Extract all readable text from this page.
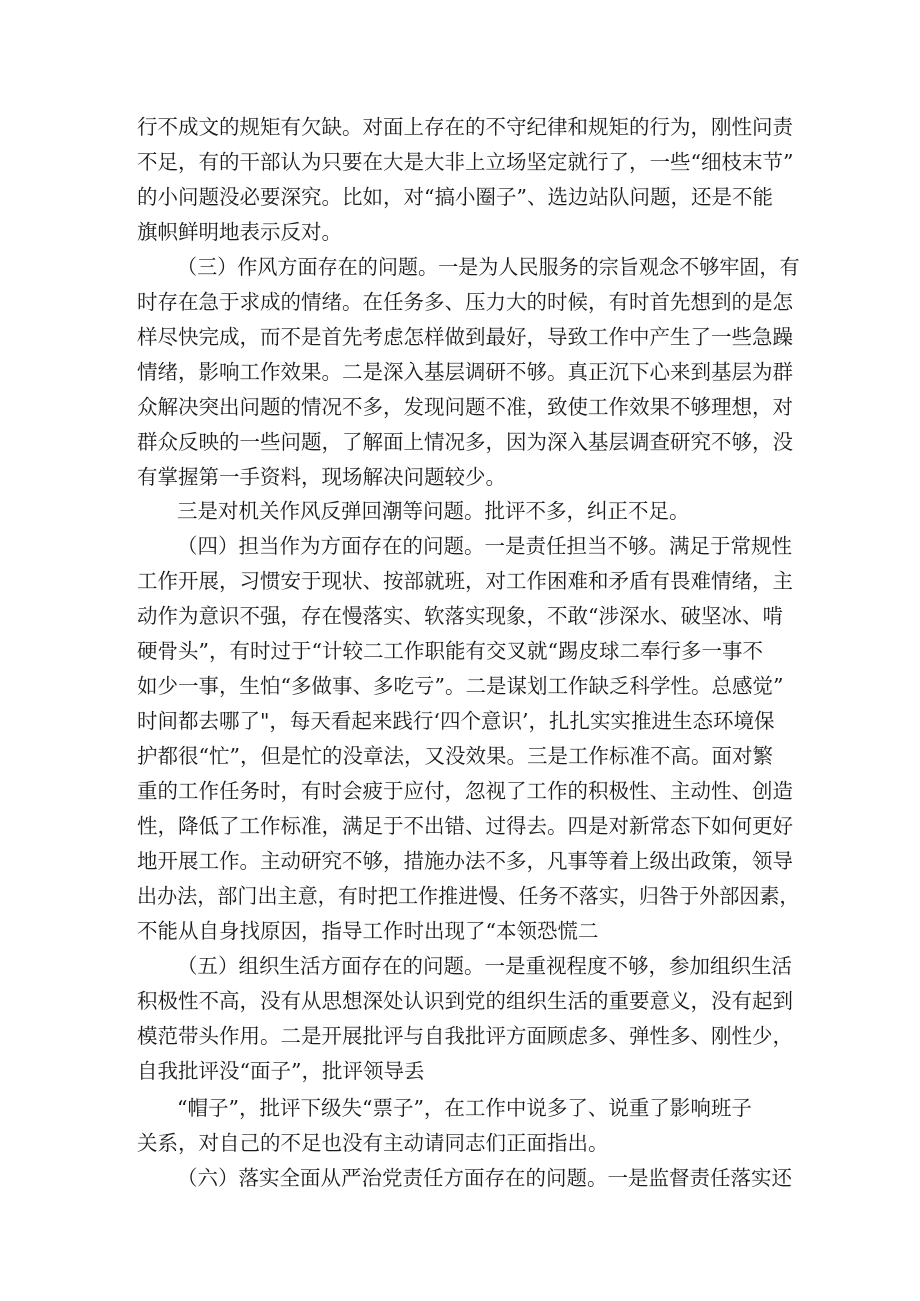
行不成文的规矩有欠缺。对面上存在的不守纪律和规矩的行为，刚性问责
不足，有的干部认为只要在大是大非上立场坚定就行了，一些“细枝末节”
的小问题没必要深究。比如，对“搞小圈子”、选边站队问题，还是不能
旗帜鲜明地表示反对。
（三）作风方面存在的问题。一是为人民服务的宗旨观念不够牢固，有
时存在急于求成的情绪。在任务多、压力大的时候，有时首先想到的是怎
样尽快完成，而不是首先考虑怎样做到最好，导致工作中产生了一些急躁
情绪，影响工作效果。二是深入基层调研不够。真正沉下心来到基层为群
众解决突出问题的情况不多，发现问题不准，致使工作效果不够理想，对
群众反映的一些问题，了解面上情况多，因为深入基层调查研究不够，没
有掌握第一手资料，现场解决问题较少。
三是对机关作风反弹回潮等问题。批评不多，纠正不足。
（四）担当作为方面存在的问题。一是责任担当不够。满足于常规性
工作开展，习惯安于现状、按部就班，对工作困难和矛盾有畏难情绪，主
动作为意识不强，存在慢落实、软落实现象，不敢“涉深水、破坚冰、啃
硬骨头”，有时过于“计较二工作职能有交叉就“踢皮球二奉行多一事不
如少一事，生怕“多做事、多吃亏”。二是谋划工作缺乏科学性。总感觉”
时间都去哪了"，每天看起来践行‘四个意识’，扎扎实实推进生态环境保
护都很“忙”，但是忙的没章法，又没效果。三是工作标准不高。面对繁
重的工作任务时，有时会疲于应付，忽视了工作的积极性、主动性、创造
性，降低了工作标准，满足于不出错、过得去。四是对新常态下如何更好
地开展工作。主动研究不够，措施办法不多，凡事等着上级出政策，领导
出办法，部门出主意，有时把工作推进慢、任务不落实，归咎于外部因素，
不能从自身找原因，指导工作时出现了“本领恐慌二
（五）组织生活方面存在的问题。一是重视程度不够，参加组织生活
积极性不高，没有从思想深处认识到党的组织生活的重要意义，没有起到
模范带头作用。二是开展批评与自我批评方面顾虑多、弹性多、刚性少，
自我批评没“面子”，批评领导丢
“帽子”，批评下级失“票子”，在工作中说多了、说重了影响班子
关系，对自己的不足也没有主动请同志们正面指出。
（六）落实全面从严治党责任方面存在的问题。一是监督责任落实还
